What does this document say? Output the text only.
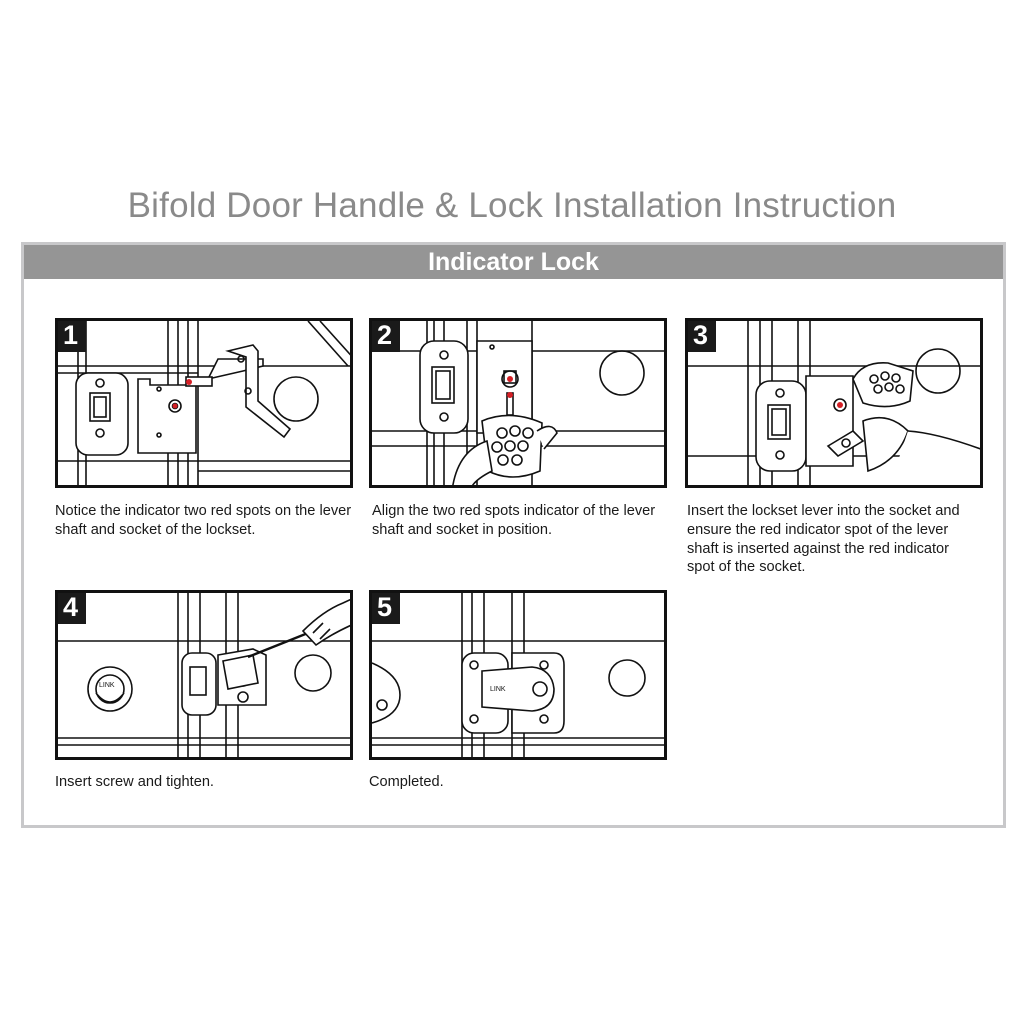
Bifold Door Handle & Lock Installation Instruction
Indicator Lock
1
Notice the indicator two red spots on the lever shaft and socket of the lockset.
2
Align the two red spots indicator of the lever shaft and socket in position.
3
Insert the lockset lever into the socket and ensure the red indicator spot of the lever shaft is inserted against the red indicator spot of the socket.
4
LINK
Insert screw and tighten.
5
LINK
Completed.
